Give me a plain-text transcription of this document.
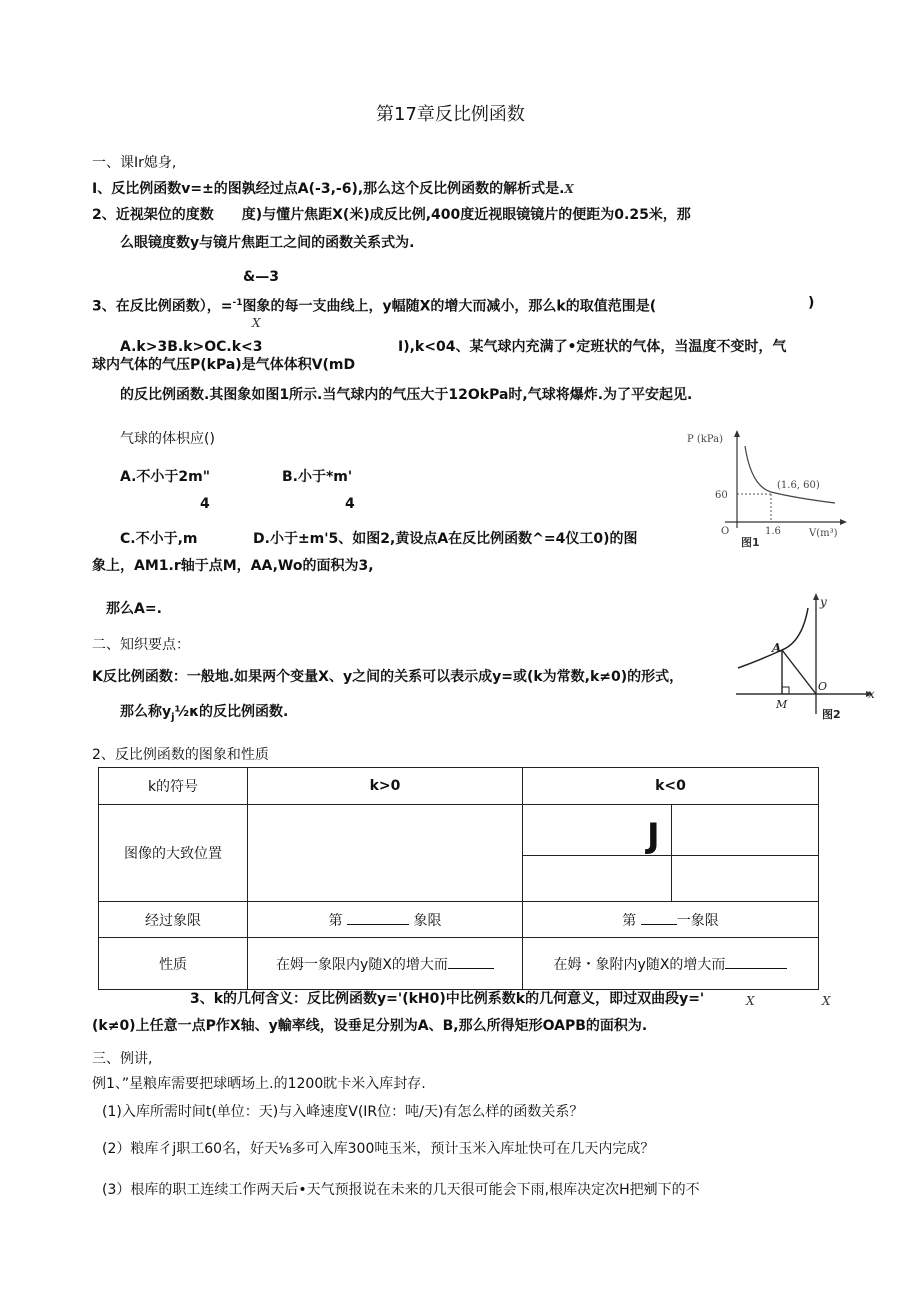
第17章反比例函数
一、课Ir媳身,
I、反比例函数v=±的图孰经过点A(-3,-6),那么这个反比例函数的解析式是.X
2、近视架位的度数　　度)与懂片焦距X(米)成反比例,400度近视眼镜镜片的便距为0.25米，那
么眼镜度数y与镜片焦距工之间的函数关系式为.
&—3
3、在反比例函数），=$^{-1}$图象的每一支曲线上，y幅随X的增大而减小，那么k的取值范围是(	)
X
A.k>3B.k>OC.k<3	I),k<04、某气球内充满了•定班状的气体，当温度不变时，气
球内气体的气压P(kPa)是气体体积V(mD
的反比例函数.其图象如图1所示.当气球内的气压大于12OkPa时,气球将爆炸.为了平安起见.
气球的体枳应()
A.不小于2m"
4
B.小于*m'
4
C.不小于,m	D.小于±m'5、如图2,黄设点A在反比例函数^=4仪工0)的图
象上，AM1.r轴于点M，AA,Wo的面积为3,
那么A=.
P (kPa)
V(m³)
O
(1.6, 60)
60
1.6
图1
y
x
A
M
O
图2
二、知织要点：
K反比例函数：一般地.如果两个变量X、y之间的关系可以表示成y=或(k为常数,k≠0)的形式，
那么称$y_j\frac{1}{2}\kappa$的反比例函数.
2、反比例函数的图象和性质
k的符号	k>0	k<0
图像的大致位置		J

经过象限	第 象限	第 一象限
性质	在姆一象限内y随X的增大而	在姆・象附内y随X的增大而
3、k的几何含义：反比例函数y='(kH0)中比例系数k的几何意义，即过双曲段y='	X	X
(k≠0)上任意一点P作X轴、y輸率线，设垂足分别为A、B,那么所得矩形OAPB的面积为.
三、例讲,
例1、”星粮库需要把球晒场上.的1200眈卡米入库封存.
(1)入库所需时间t(单位：天)与入峰速度V(IR位：吨/天)有怎么样的函数关系？
(2）粮库彳j职工60名，好天⅛多可入库300吨玉米，预计玉米入库址快可在几天内完成？
(3）根库的职工连续工作两天后•天气预报说在未来的几天很可能会下雨,根库决定次H把剜下的不
